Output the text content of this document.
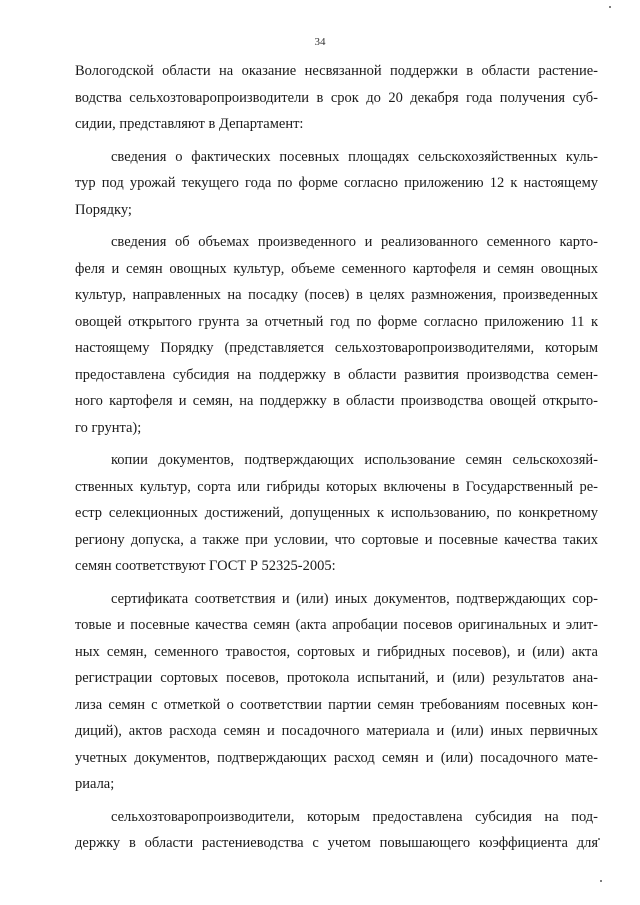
34
Вологодской области на оказание несвязанной поддержки в области растение-
водства сельхозтоваропроизводители в срок до 20 декабря года получения суб-
сидии, представляют в Департамент:
сведения о фактических посевных площадях сельскохозяйственных куль-
тур под урожай текущего года по форме согласно приложению 12 к настоящему
Порядку;
сведения об объемах произведенного и реализованного семенного карто-
феля и семян овощных культур, объеме семенного картофеля и семян овощных
культур, направленных на посадку (посев) в целях размножения, произведенных
овощей открытого грунта за отчетный год по форме согласно приложению 11 к
настоящему Порядку (представляется сельхозтоваропроизводителями, которым
предоставлена субсидия на поддержку в области развития производства семен-
ного картофеля и семян, на поддержку в области производства овощей открыто-
го грунта);
копии документов, подтверждающих использование семян сельскохозяй-
ственных культур, сорта или гибриды которых включены в Государственный ре-
естр селекционных достижений, допущенных к использованию, по конкретному
региону допуска, а также при условии, что сортовые и посевные качества таких
семян соответствуют ГОСТ Р 52325-2005:
сертификата соответствия и (или) иных документов, подтверждающих сор-
товые и посевные качества семян (акта апробации посевов оригинальных и элит-
ных семян, семенного травостоя, сортовых и гибридных посевов), и (или) акта
регистрации сортовых посевов, протокола испытаний, и (или) результатов ана-
лиза семян с отметкой о соответствии партии семян требованиям посевных кон-
диций), актов расхода семян и посадочного материала и (или) иных первичных
учетных документов, подтверждающих расход семян и (или) посадочного мате-
риала;
сельхозтоваропроизводители, которым предоставлена субсидия на под-
держку в области растениеводства с учетом повышающего коэффициента для
